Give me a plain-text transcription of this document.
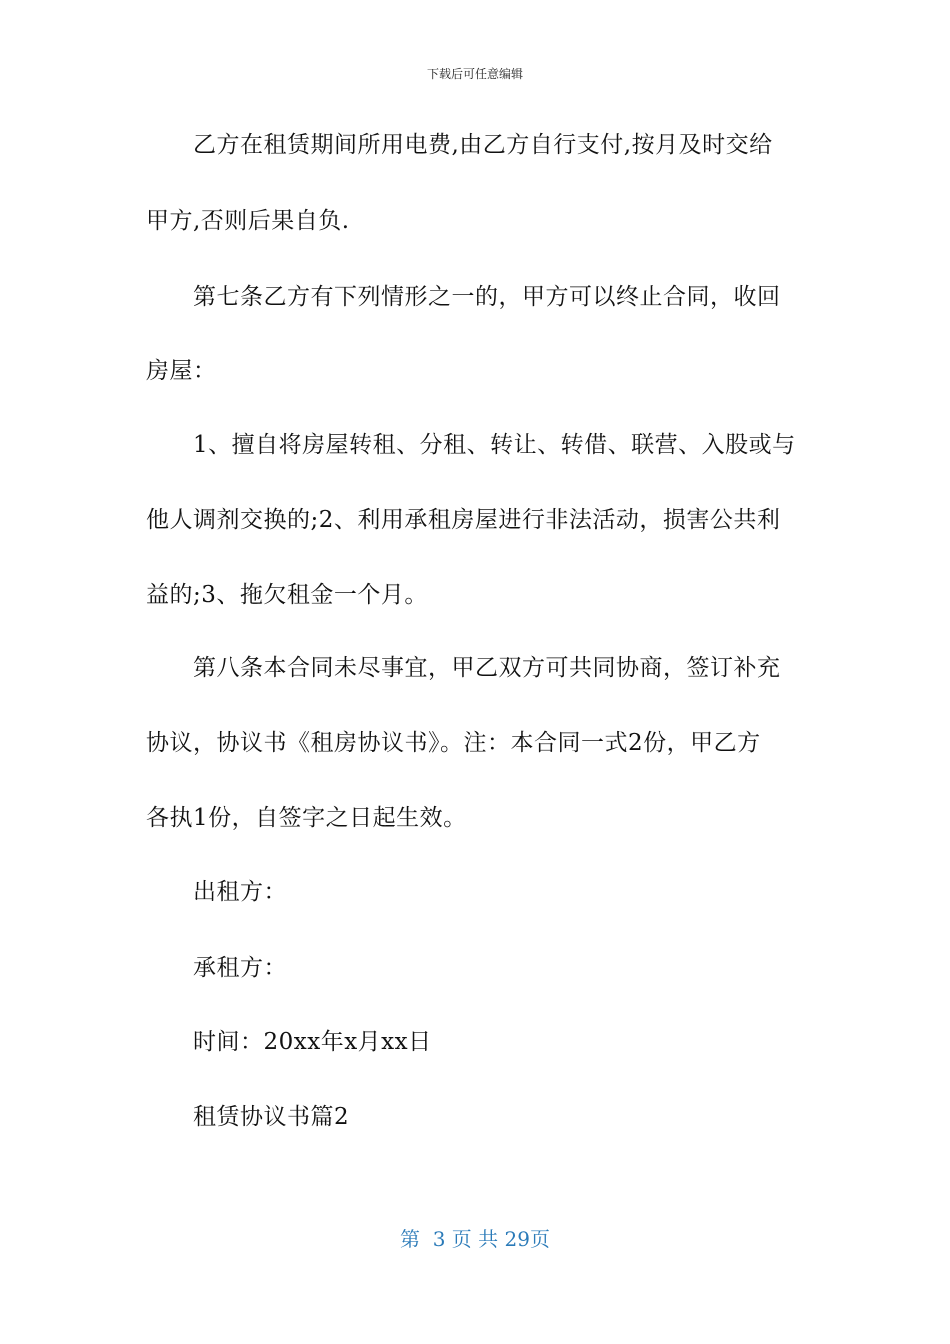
下载后可任意编辑
乙方在租赁期间所用电费,由乙方自行支付,按月及时交给
甲方,否则后果自负.
第七条乙方有下列情形之一的，甲方可以终止合同，收回
房屋：
1、擅自将房屋转租、分租、转让、转借、联营、入股或与
他人调剂交换的;2、利用承租房屋进行非法活动，损害公共利
益的;3、拖欠租金一个月。
第八条本合同未尽事宜，甲乙双方可共同协商，签订补充
协议，协议书《租房协议书》。注：本合同一式2份，甲乙方
各执1份，自签字之日起生效。
出租方：
承租方：
时间：20xx年x月xx日
租赁协议书篇2
第  3 页 共 29页
